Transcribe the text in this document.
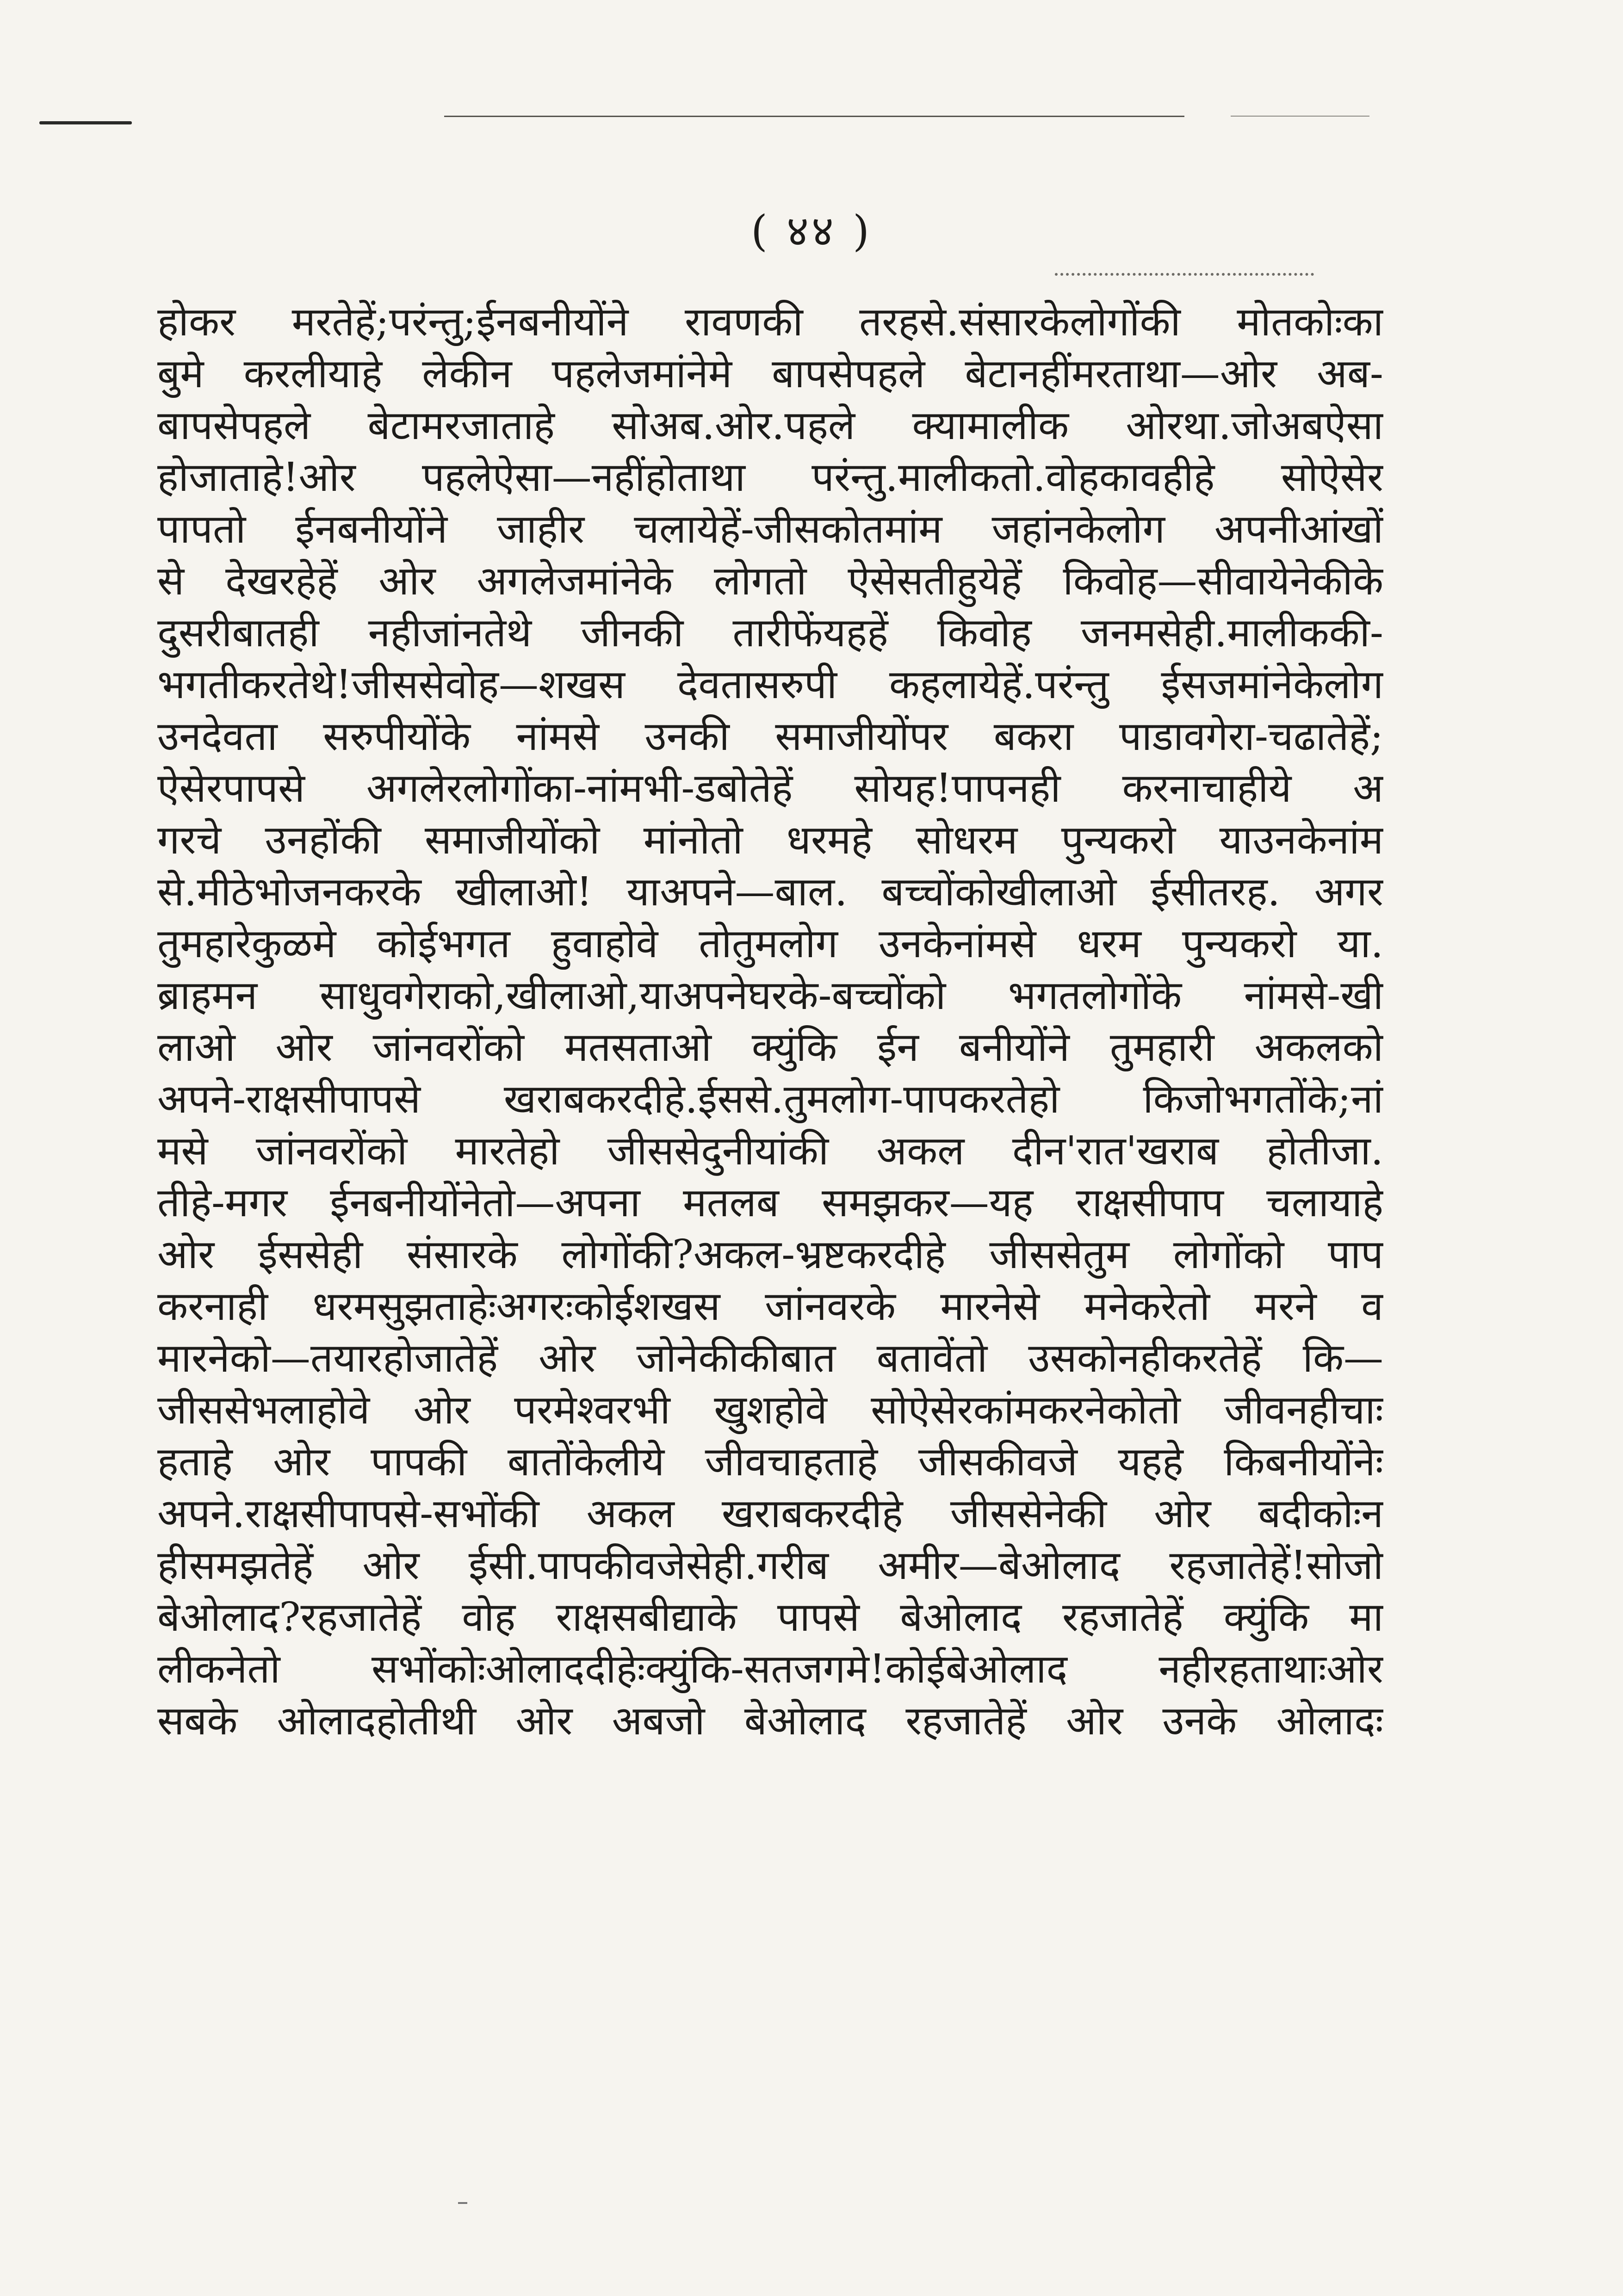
( ४४ )
होकर मरतेहें;परंन्तु;ईनबनीयोंने रावणकी तरहसे.संसारकेलोगोंकी मोतकोःका
बुमे करलीयाहे लेकीन पहलेजमांनेमे बापसेपहले बेटानहींमरताथा—ओर अब-
बापसेपहले बेटामरजाताहे सोअब.ओर.पहले क्यामालीक ओरथा.जोअबऐसा
होजाताहे!ओर पहलेऐसा—नहींहोताथा परंन्तु.मालीकतो.वोहकावहीहे सोऐसेर
पापतो ईनबनीयोंने जाहीर चलायेहें-जीसकोतमांम जहांनकेलोग अपनीआंखों
से देखरहेहें ओर अगलेजमांनेके लोगतो ऐसेसतीहुयेहें किवोह—सीवायेनेकीके
दुसरीबातही नहीजांनतेथे जीनकी तारीफेंयहहें किवोह जनमसेही.मालीककी-
भगतीकरतेथे!जीससेवोह—शखस देवतासरुपी कहलायेहें.परंन्तु ईसजमांनेकेलोग
उनदेवता सरुपीयोंके नांमसे उनकी समाजीयोंपर बकरा पाडावगेरा-चढातेहें;
ऐसेरपापसे अगलेरलोगोंका-नांमभी-डबोतेहें सोयह!पापनही करनाचाहीये अ
गरचे उनहोंकी समाजीयोंको मांनोतो धरमहे सोधरम पुन्यकरो याउनकेनांम
से.मीठेभोजनकरके खीलाओ! याअपने—बाल. बच्चोंकोखीलाओ ईसीतरह. अगर
तुमहारेकुळमे कोईभगत हुवाहोवे तोतुमलोग उनकेनांमसे धरम पुन्यकरो या.
ब्राहमन साधुवगेराको,खीलाओ,याअपनेघरके-बच्चोंको भगतलोगोंके नांमसे-खी
लाओ ओर जांनवरोंको मतसताओ क्युंकि ईन बनीयोंने तुमहारी अकलको
अपने-राक्षसीपापसे खराबकरदीहे.ईससे.तुमलोग-पापकरतेहो किजोभगतोंके;नां
मसे जांनवरोंको मारतेहो जीससेदुनीयांकी अकल दीन'रात'खराब होतीजा.
तीहे-मगर ईनबनीयोंनेतो—अपना मतलब समझकर—यह राक्षसीपाप चलायाहे
ओर ईससेही संसारके लोगोंकी?अकल-भ्रष्टकरदीहे जीससेतुम लोगोंको पाप
करनाही धरमसुझताहेःअगरःकोईशखस जांनवरके मारनेसे मनेकरेतो मरने व
मारनेको—तयारहोजातेहें ओर जोनेकीकीबात बतावेंतो उसकोनहीकरतेहें कि—
जीससेभलाहोवे ओर परमेश्वरभी खुशहोवे सोऐसेरकांमकरनेकोतो जीवनहीचाः
हताहे ओर पापकी बातोंकेलीये जीवचाहताहे जीसकीवजे यहहे किबनीयोंनेः
अपने.राक्षसीपापसे-सभोंकी अकल खराबकरदीहे जीससेनेकी ओर बदीकोःन
हीसमझतेहें ओर ईसी.पापकीवजेसेही.गरीब अमीर—बेओलाद रहजातेहें!सोजो
बेओलाद?रहजातेहें वोह राक्षसबीद्याके पापसे बेओलाद रहजातेहें क्युंकि मा
लीकनेतो सभोंकोःओलाददीहेःक्युंकि-सतजगमे!कोईबेओलाद नहीरहताथाःओर
सबके ओलादहोतीथी ओर अबजो बेओलाद रहजातेहें ओर उनके ओलादः
